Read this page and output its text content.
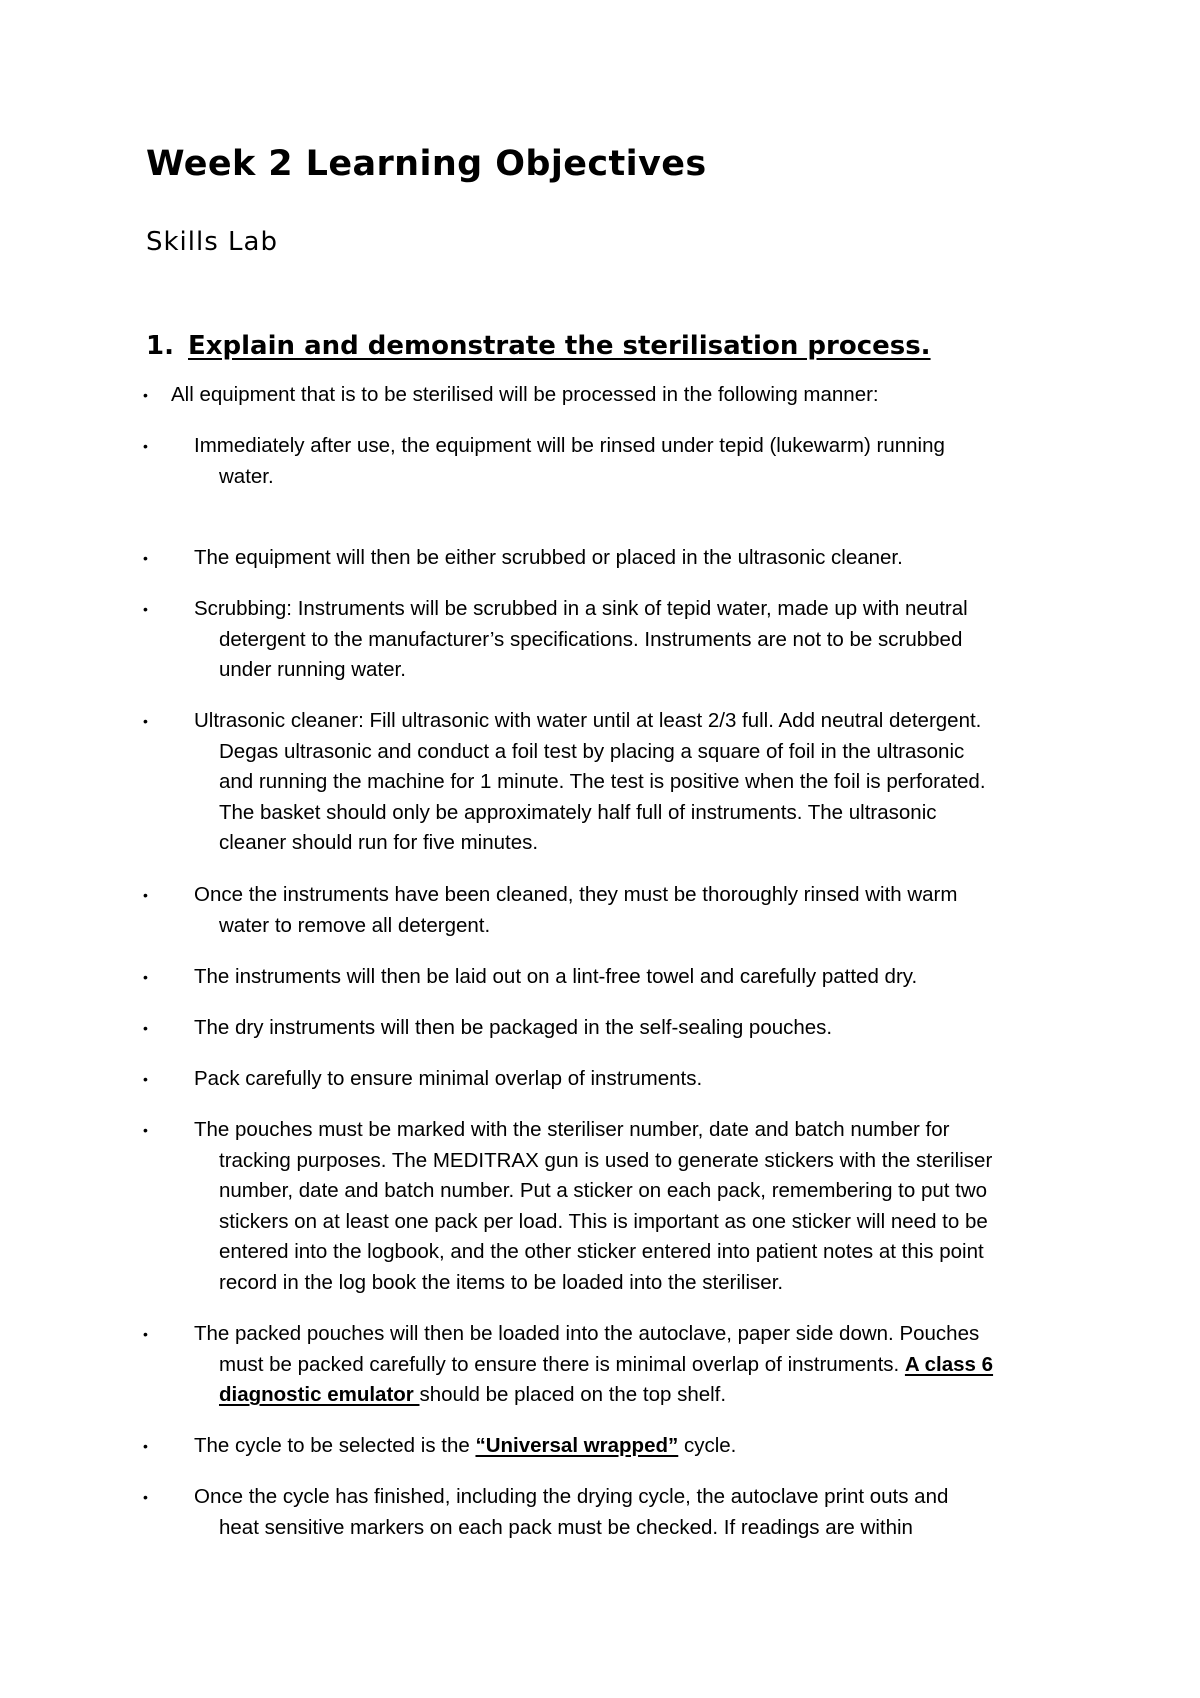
Week 2 Learning Objectives
Skills Lab
1. Explain and demonstrate the sterilisation process.
• All equipment that is to be sterilised will be processed in the following manner:
• Immediately after use, the equipment will be rinsed under tepid (lukewarm) running
water.
• The equipment will then be either scrubbed or placed in the ultrasonic cleaner.
• Scrubbing: Instruments will be scrubbed in a sink of tepid water, made up with neutral
detergent to the manufacturer’s specifications. Instruments are not to be scrubbed
under running water.
• Ultrasonic cleaner: Fill ultrasonic with water until at least 2/3 full. Add neutral detergent.
Degas ultrasonic and conduct a foil test by placing a square of foil in the ultrasonic
and running the machine for 1 minute. The test is positive when the foil is perforated.
The basket should only be approximately half full of instruments. The ultrasonic
cleaner should run for five minutes.
• Once the instruments have been cleaned, they must be thoroughly rinsed with warm
water to remove all detergent.
• The instruments will then be laid out on a lint-free towel and carefully patted dry.
• The dry instruments will then be packaged in the self-sealing pouches.
• Pack carefully to ensure minimal overlap of instruments.
• The pouches must be marked with the steriliser number, date and batch number for
tracking purposes. The MEDITRAX gun is used to generate stickers with the steriliser
number, date and batch number. Put a sticker on each pack, remembering to put two
stickers on at least one pack per load. This is important as one sticker will need to be
entered into the logbook, and the other sticker entered into patient notes at this point
record in the log book the items to be loaded into the steriliser.
• The packed pouches will then be loaded into the autoclave, paper side down. Pouches
must be packed carefully to ensure there is minimal overlap of instruments. A class 6
diagnostic emulator should be placed on the top shelf.
• The cycle to be selected is the “Universal wrapped” cycle.
• Once the cycle has finished, including the drying cycle, the autoclave print outs and
heat sensitive markers on each pack must be checked. If readings are within
